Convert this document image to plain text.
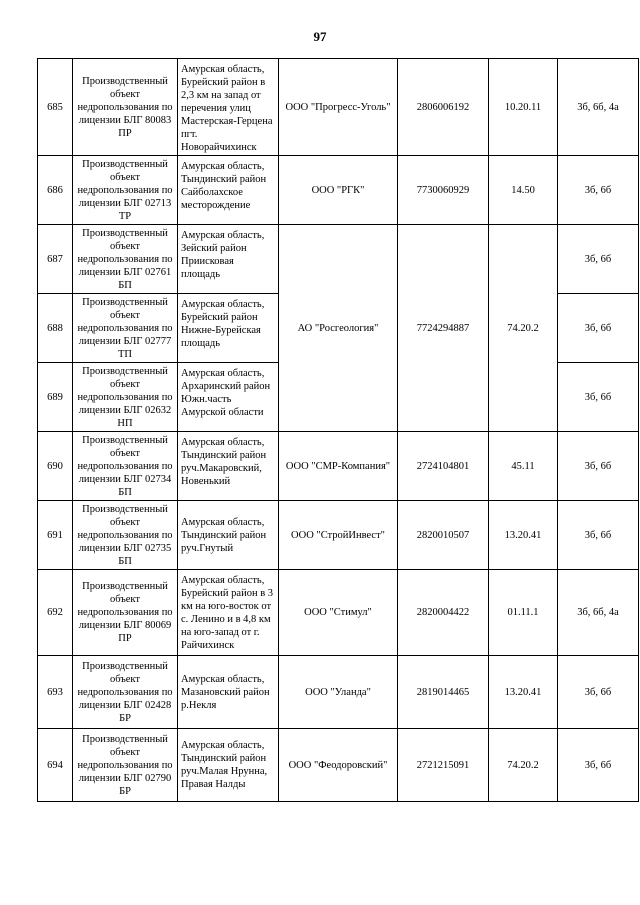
97
685	Производственный объект недропользования по лицензии БЛГ 80083 ПР	Амурская область, Бурейский район в 2,3 км на запад от перечения улиц Мастерская-Герцена пгт. Новорайчихинск	ООО "Прогресс-Уголь"	2806006192	10.20.11	3б, 6б, 4а
686	Производственный объект недропользования по лицензии БЛГ 02713 ТР	Амурская область, Тындинский район Сайболахское месторождение	ООО "РГК"	7730060929	14.50	3б, 6б
687	Производственный объект недропользования по лицензии БЛГ 02761 БП	Амурская область, Зейский район Приисковая площадь	АО "Росгеология"	7724294887	74.20.2	3б, 6б
688	Производственный объект недропользования по лицензии БЛГ 02777 ТП	Амурская область, Бурейский район Нижне-Бурейская площадь				3б, 6б
689	Производственный объект недропользования по лицензии БЛГ 02632 НП	Амурская область, Архаринский район Южн.часть Амурской области				3б, 6б
690	Производственный объект недропользования по лицензии БЛГ 02734 БП	Амурская область, Тындинский район руч.Макаровский, Новенький	ООО "СМР-Компания"	2724104801	45.11	3б, 6б
691	Производственный объект недропользования по лицензии БЛГ 02735 БП	Амурская область, Тындинский район руч.Гнутый	ООО "СтройИнвест"	2820010507	13.20.41	3б, 6б
692	Производственный объект недропользования по лицензии БЛГ 80069 ПР	Амурская область, Бурейский район в 3 км на юго-восток от с. Ленино и в 4,8 км на юго-запад от г. Райчихинск	ООО "Стимул"	2820004422	01.11.1	3б, 6б, 4а
693	Производственный объект недропользования по лицензии БЛГ 02428 БР	Амурская область, Мазановский район р.Некля	ООО "Уланда"	2819014465	13.20.41	3б, 6б
694	Производственный объект недропользования по лицензии БЛГ 02790 БР	Амурская область, Тындинский район руч.Малая Нрунна, Правая Налды	ООО "Феодоровский"	2721215091	74.20.2	3б, 6б
